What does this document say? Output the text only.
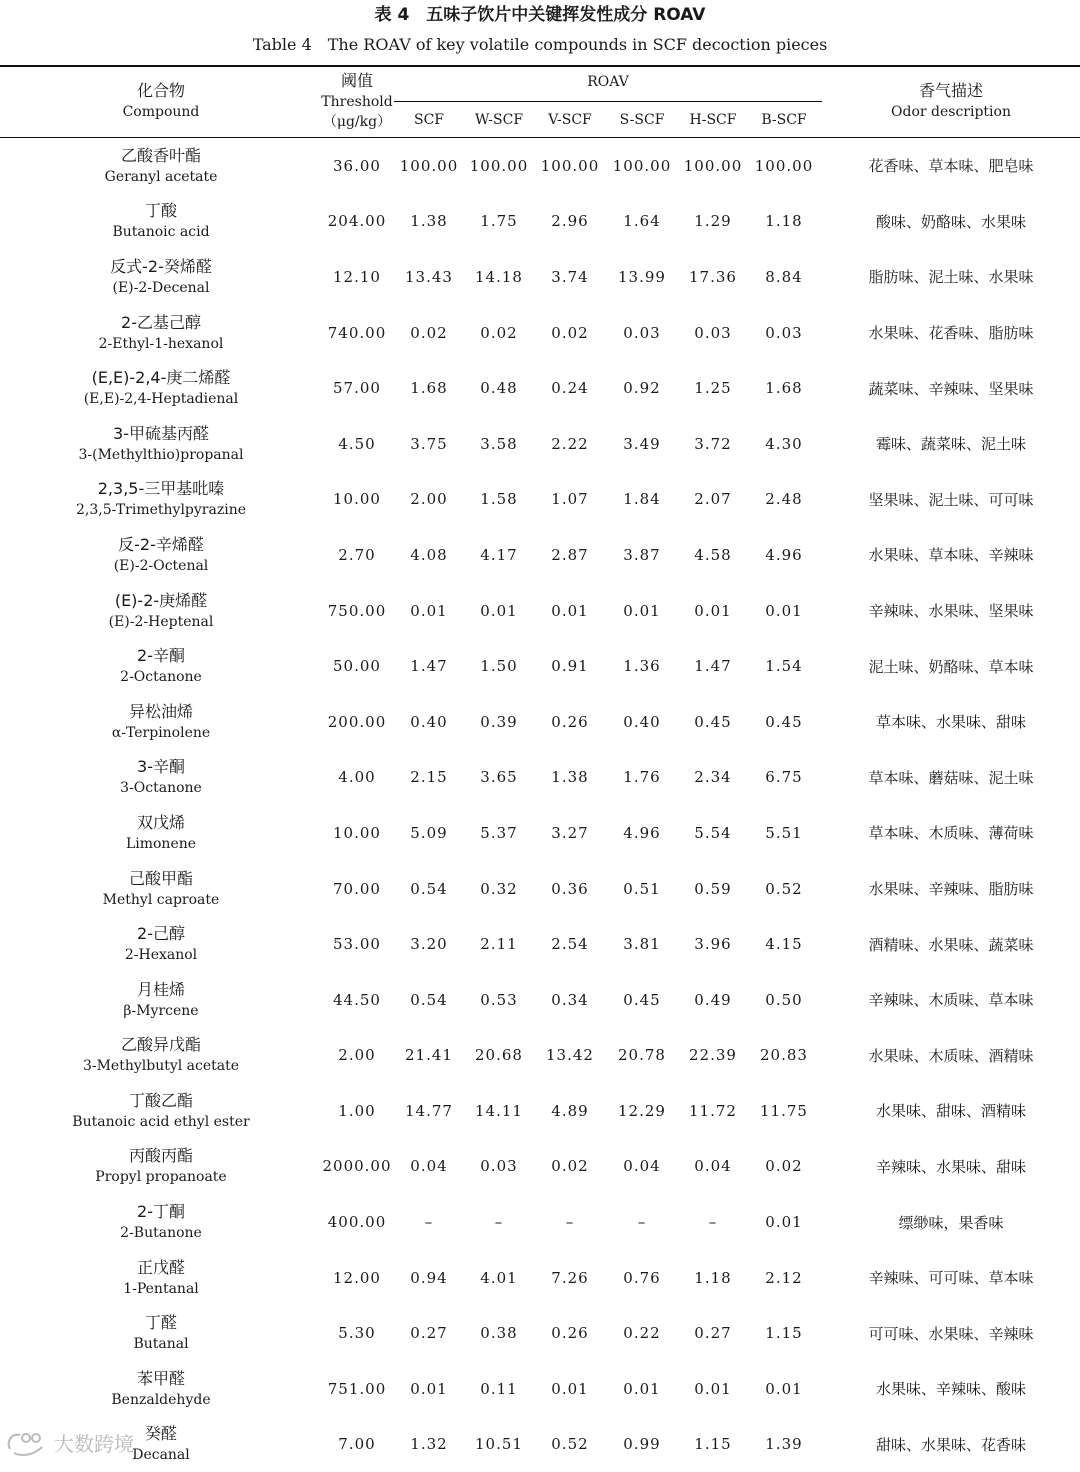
表 4　五味子饮片中关键挥发性成分 ROAV
Table 4　The ROAV of key volatile compounds in SCF decoction pieces
化合物
Compound
阈值
Threshold
（μg/kg）
ROAV	香气描述
Odor description
SCF	W-SCF	V-SCF	S-SCF	H-SCF	B-SCF
乙酸香叶酯
Geranyl acetate
36.00	100.00 100.00 100.00 100.00 100.00 100.00	花香味、草本味、肥皂味
丁酸
Butanoic acid
204.00	1.38	1.75	2.96	1.64	1.29	1.18	酸味、奶酪味、水果味
反式-2-癸烯醛
(E)-2-Decenal
12.10	13.43	14.18	3.74	13.99	17.36	8.84	脂肪味、泥土味、水果味
2-乙基己醇
2-Ethyl-1-hexanol
740.00	0.02	0.02	0.02	0.03	0.03	0.03	水果味、花香味、脂肪味
(E,E)-2,4-庚二烯醛
(E,E)-2,4-Heptadienal
57.00	1.68	0.48	0.24	0.92	1.25	1.68	蔬菜味、辛辣味、坚果味
3-甲硫基丙醛
3-(Methylthio)propanal
4.50	3.75	3.58	2.22	3.49	3.72	4.30	霉味、蔬菜味、泥土味
2,3,5-三甲基吡嗪
2,3,5-Trimethylpyrazine
10.00	2.00	1.58	1.07	1.84	2.07	2.48	坚果味、泥土味、可可味
反-2-辛烯醛
(E)-2-Octenal
2.70	4.08	4.17	2.87	3.87	4.58	4.96	水果味、草本味、辛辣味
(E)-2-庚烯醛
(E)-2-Heptenal
750.00	0.01	0.01	0.01	0.01	0.01	0.01	辛辣味、水果味、坚果味
2-辛酮
2-Octanone
50.00	1.47	1.50	0.91	1.36	1.47	1.54	泥土味、奶酪味、草本味
异松油烯
α-Terpinolene
200.00	0.40	0.39	0.26	0.40	0.45	0.45	草本味、水果味、甜味
3-辛酮
3-Octanone
4.00	2.15	3.65	1.38	1.76	2.34	6.75	草本味、蘑菇味、泥土味
双戊烯
Limonene
10.00	5.09	5.37	3.27	4.96	5.54	5.51	草本味、木质味、薄荷味
己酸甲酯
Methyl caproate
70.00	0.54	0.32	0.36	0.51	0.59	0.52	水果味、辛辣味、脂肪味
2-己醇
2-Hexanol
53.00	3.20	2.11	2.54	3.81	3.96	4.15	酒精味、水果味、蔬菜味
月桂烯
β-Myrcene
44.50	0.54	0.53	0.34	0.45	0.49	0.50	辛辣味、木质味、草本味
乙酸异戊酯
3-Methylbutyl acetate
2.00	21.41	20.68	13.42	20.78	22.39	20.83	水果味、木质味、酒精味
丁酸乙酯
Butanoic acid ethyl ester
1.00	14.77	14.11	4.89	12.29	11.72	11.75	水果味、甜味、酒精味
丙酸丙酯
Propyl propanoate
2000.00	0.04	0.03	0.02	0.04	0.04	0.02	辛辣味、水果味、甜味
2-丁酮
2-Butanone
400.00	–	–	–	–	–	0.01	缥缈味，果香味
正戊醛
1-Pentanal
12.00	0.94	4.01	7.26	0.76	1.18	2.12	辛辣味、可可味、草本味
丁醛
Butanal
5.30	0.27	0.38	0.26	0.22	0.27	1.15	可可味、水果味、辛辣味
苯甲醛
Benzaldehyde
751.00	0.01	0.11	0.01	0.01	0.01	0.01	水果味、辛辣味、酸味
癸醛
Decanal
7.00	1.32	10.51	0.52	0.99	1.15	1.39	甜味、水果味、花香味
大数跨境
